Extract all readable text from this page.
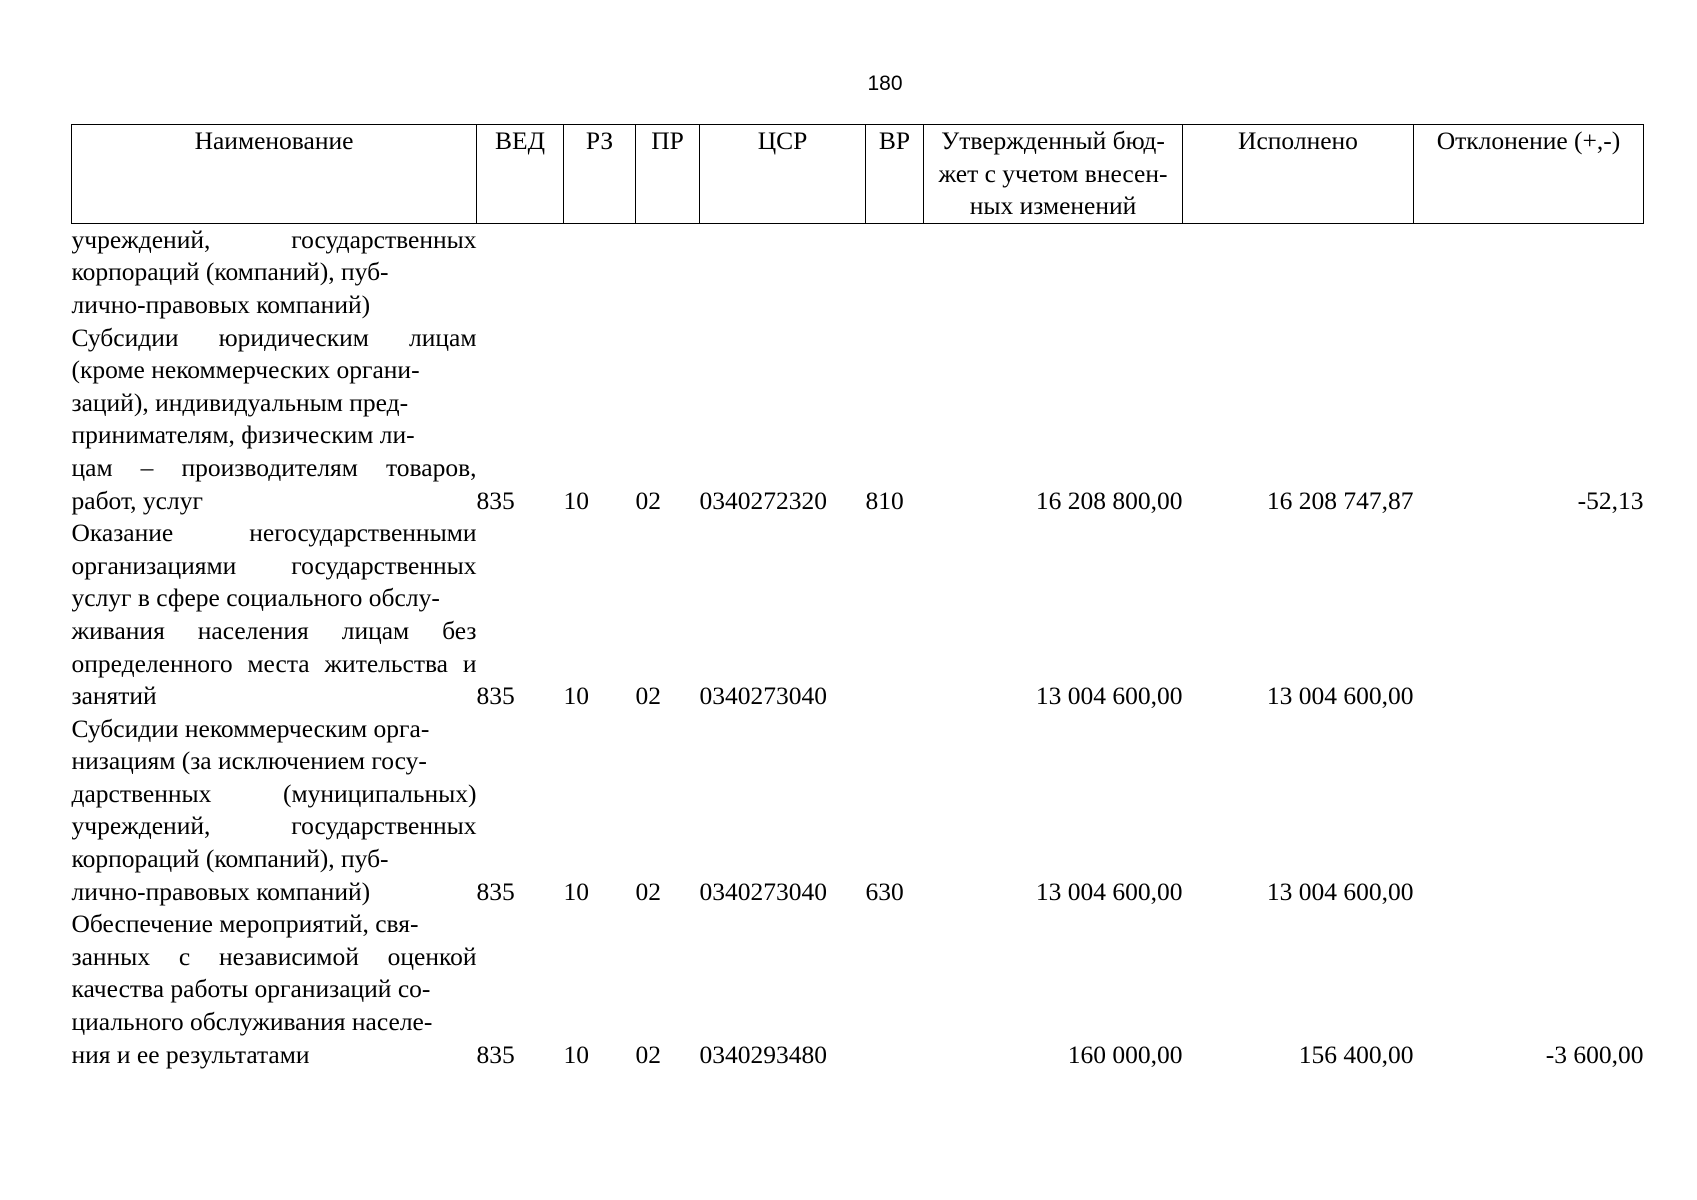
180
Наименование	ВЕД	РЗ	ПР	ЦСР	ВР	Утвержденный бюд-
жет с учетом внесен-
ных изменений	Исполнено	Отклонение (+,-)
учреждений, государственных корпораций (компаний), пуб-
лично-правовых компаний)								
Субсидии юридическим лицам (кроме некоммерческих органи-
заций), индивидуальным пред-
принимателям, физическим ли-
цам – производителям товаров, работ, услуг	835	10	02	0340272320	810	16 208 800,00	16 208 747,87	-52,13
Оказание негосударственными организациями государственных услуг в сфере социального обслу-
живания населения лицам без определенного места жительства и занятий	835	10	02	0340273040		13 004 600,00	13 004 600,00	
Субсидии некоммерческим орга-
низациям (за исключением госу-
дарственных (муниципальных) учреждений, государственных корпораций (компаний), пуб-
лично-правовых компаний)	835	10	02	0340273040	630	13 004 600,00	13 004 600,00	
Обеспечение мероприятий, свя-
занных с независимой оценкой качества работы организаций со-
циального обслуживания населе-
ния и ее результатами	835	10	02	0340293480		160 000,00	156 400,00	-3 600,00
